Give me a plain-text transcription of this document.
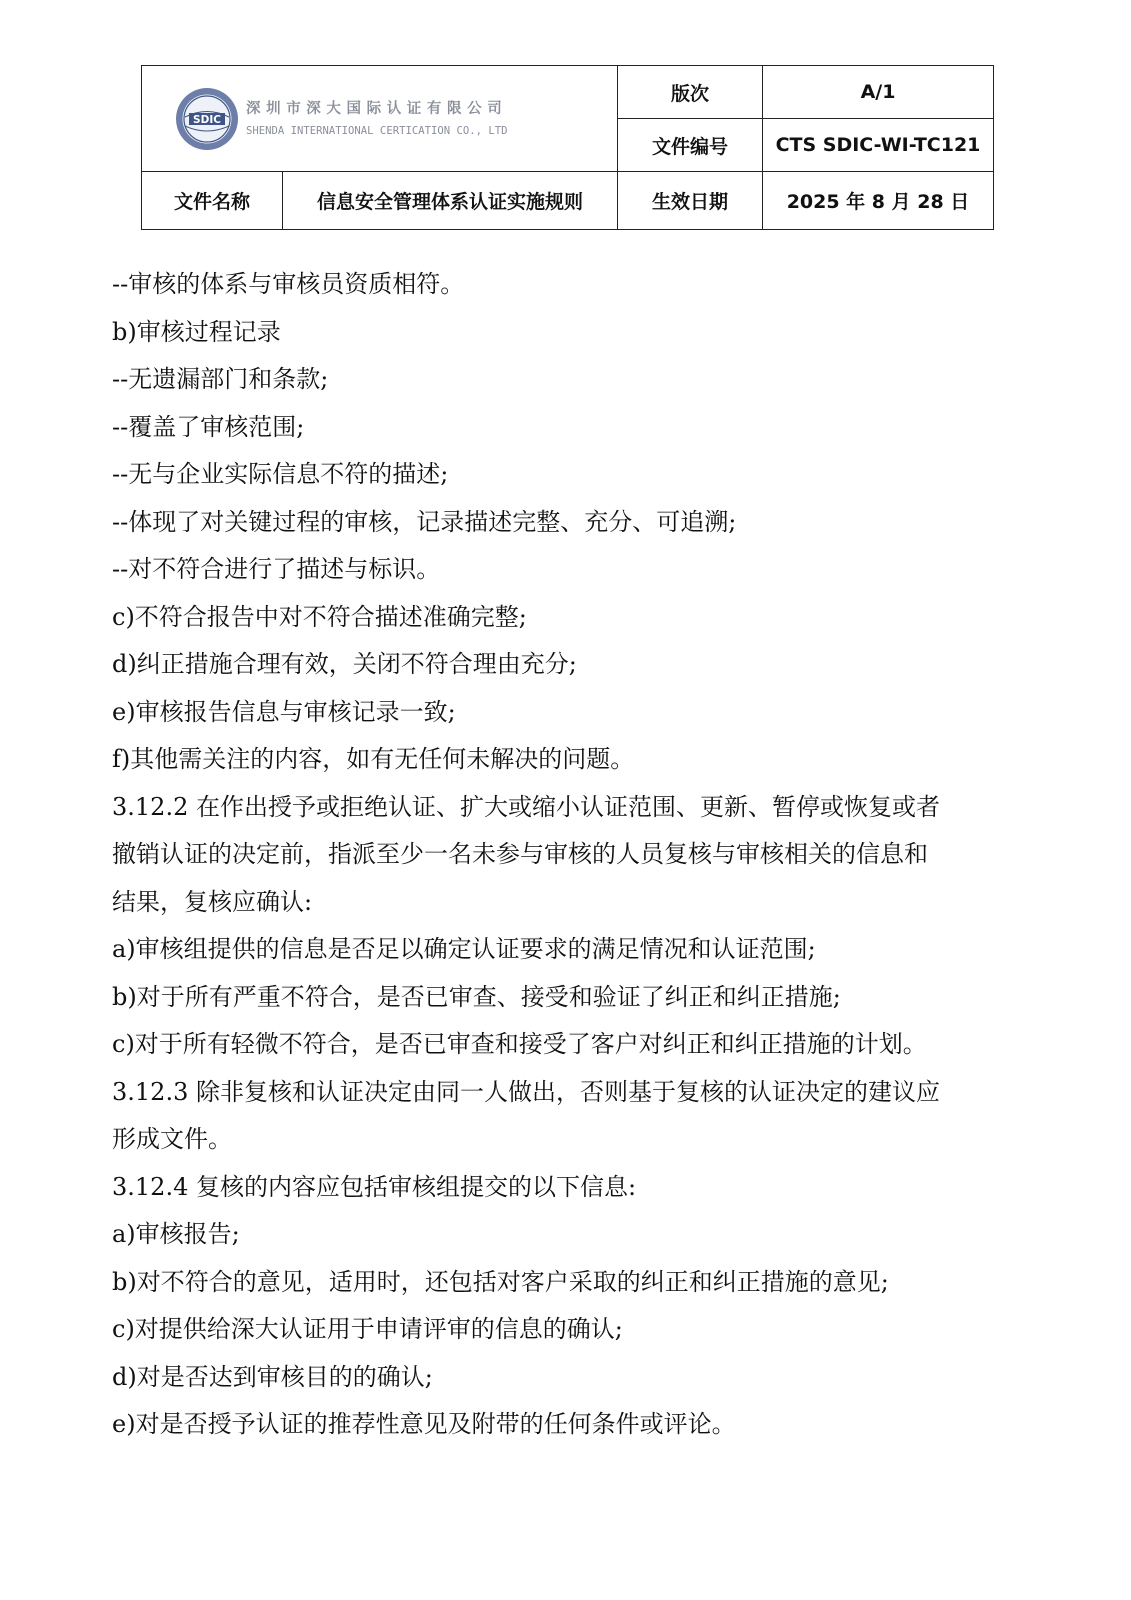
SDIC
深圳市深大国际认证有限公司
SHENDA INTERNATIONAL CERTICATION CO., LTD		版次	A/1
		文件编号	CTS SDIC-WI-TC121
文件名称	信息安全管理体系认证实施规则	生效日期	2025 年 8 月 28 日
--审核的体系与审核员资质相符。
b)审核过程记录
--无遗漏部门和条款;
--覆盖了审核范围;
--无与企业实际信息不符的描述;
--体现了对关键过程的审核，记录描述完整、充分、可追溯;
--对不符合进行了描述与标识。
c)不符合报告中对不符合描述准确完整;
d)纠正措施合理有效，关闭不符合理由充分;
e)审核报告信息与审核记录一致;
f)其他需关注的内容，如有无任何未解决的问题。
3.12.2 在作出授予或拒绝认证、扩大或缩小认证范围、更新、暂停或恢复或者
撤销认证的决定前，指派至少一名未参与审核的人员复核与审核相关的信息和
结果，复核应确认:
a)审核组提供的信息是否足以确定认证要求的满足情况和认证范围;
b)对于所有严重不符合，是否已审查、接受和验证了纠正和纠正措施;
c)对于所有轻微不符合，是否已审查和接受了客户对纠正和纠正措施的计划。
3.12.3 除非复核和认证决定由同一人做出，否则基于复核的认证决定的建议应
形成文件。
3.12.4 复核的内容应包括审核组提交的以下信息:
a)审核报告;
b)对不符合的意见，适用时，还包括对客户采取的纠正和纠正措施的意见;
c)对提供给深大认证用于申请评审的信息的确认;
d)对是否达到审核目的的确认;
e)对是否授予认证的推荐性意见及附带的任何条件或评论。
